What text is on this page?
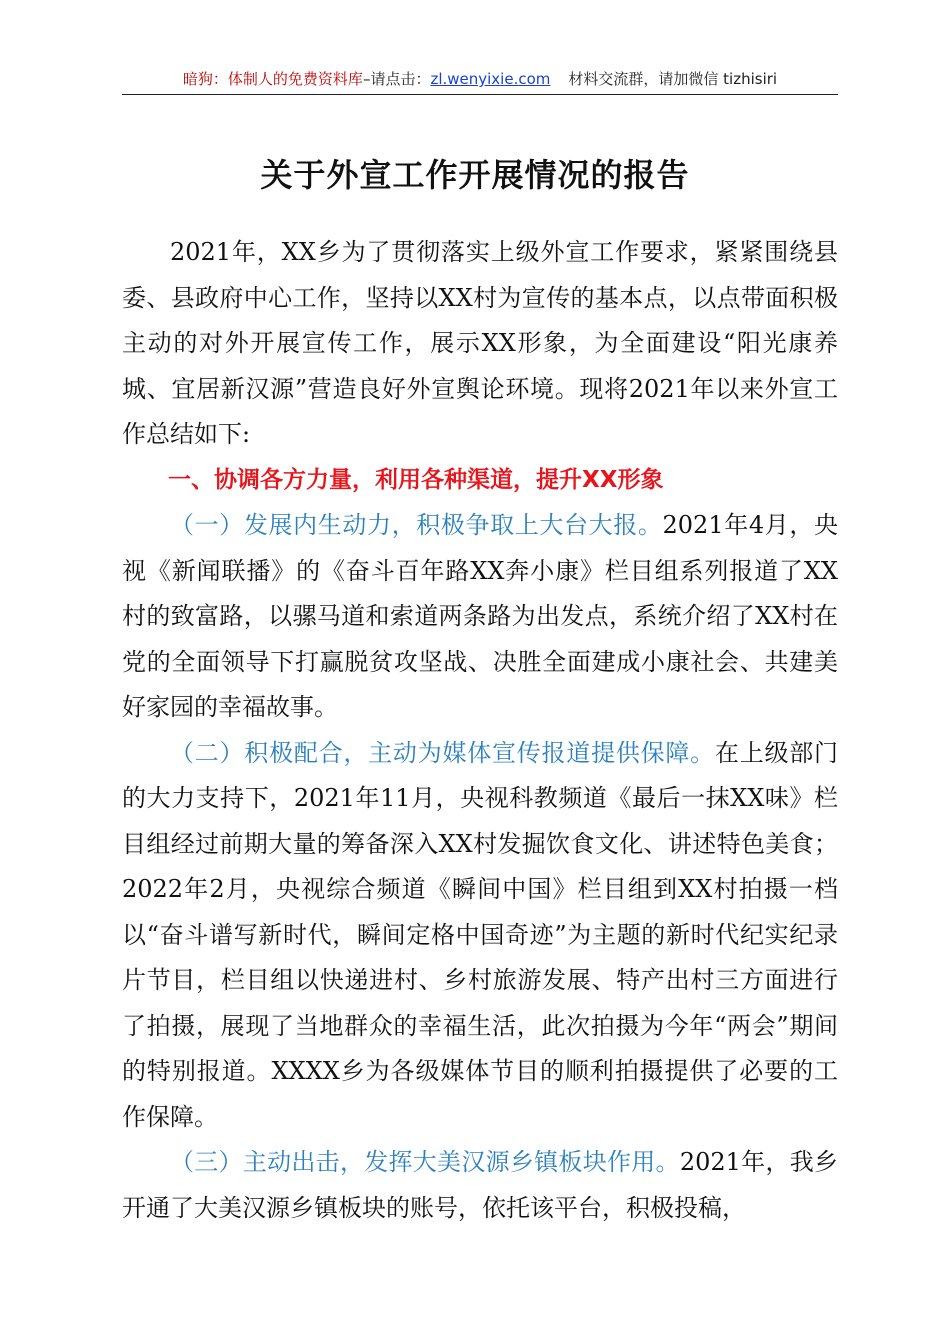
暗狗：体制人的免费资料库–请点击：zl.wenyixie.com 材料交流群，请加微信 tizhisiri
关于外宣工作开展情况的报告

2021年，XX乡为了贯彻落实上级外宣工作要求，紧紧围绕县委、县政府中心工作，坚持以XX村为宣传的基本点，以点带面积极主动的对外开展宣传工作，展示XX形象，为全面建设“阳光康养城、宜居新汉源”营造良好外宣舆论环境。现将2021年以来外宣工作总结如下:

一、协调各方力量，利用各种渠道，提升XX形象

（一）发展内生动力，积极争取上大台大报。2021年4月，央视《新闻联播》的《奋斗百年路XX奔小康》栏目组系列报道了XX村的致富路，以骡马道和索道两条路为出发点，系统介绍了XX村在党的全面领导下打赢脱贫攻坚战、决胜全面建成小康社会、共建美好家园的幸福故事。

（二）积极配合，主动为媒体宣传报道提供保障。在上级部门的大力支持下，2021年11月，央视科教频道《最后一抹XX味》栏目组经过前期大量的筹备深入XX村发掘饮食文化、讲述特色美食；2022年2月，央视综合频道《瞬间中国》栏目组到XX村拍摄一档以“奋斗谱写新时代，瞬间定格中国奇迹”为主题的新时代纪实纪录片节目，栏目组以快递进村、乡村旅游发展、特产出村三方面进行了拍摄，展现了当地群众的幸福生活，此次拍摄为今年“两会”期间的特别报道。XXXX乡为各级媒体节目的顺利拍摄提供了必要的工作保障。

（三）主动出击，发挥大美汉源乡镇板块作用。2021年，我乡开通了大美汉源乡镇板块的账号，依托该平台，积极投稿，
